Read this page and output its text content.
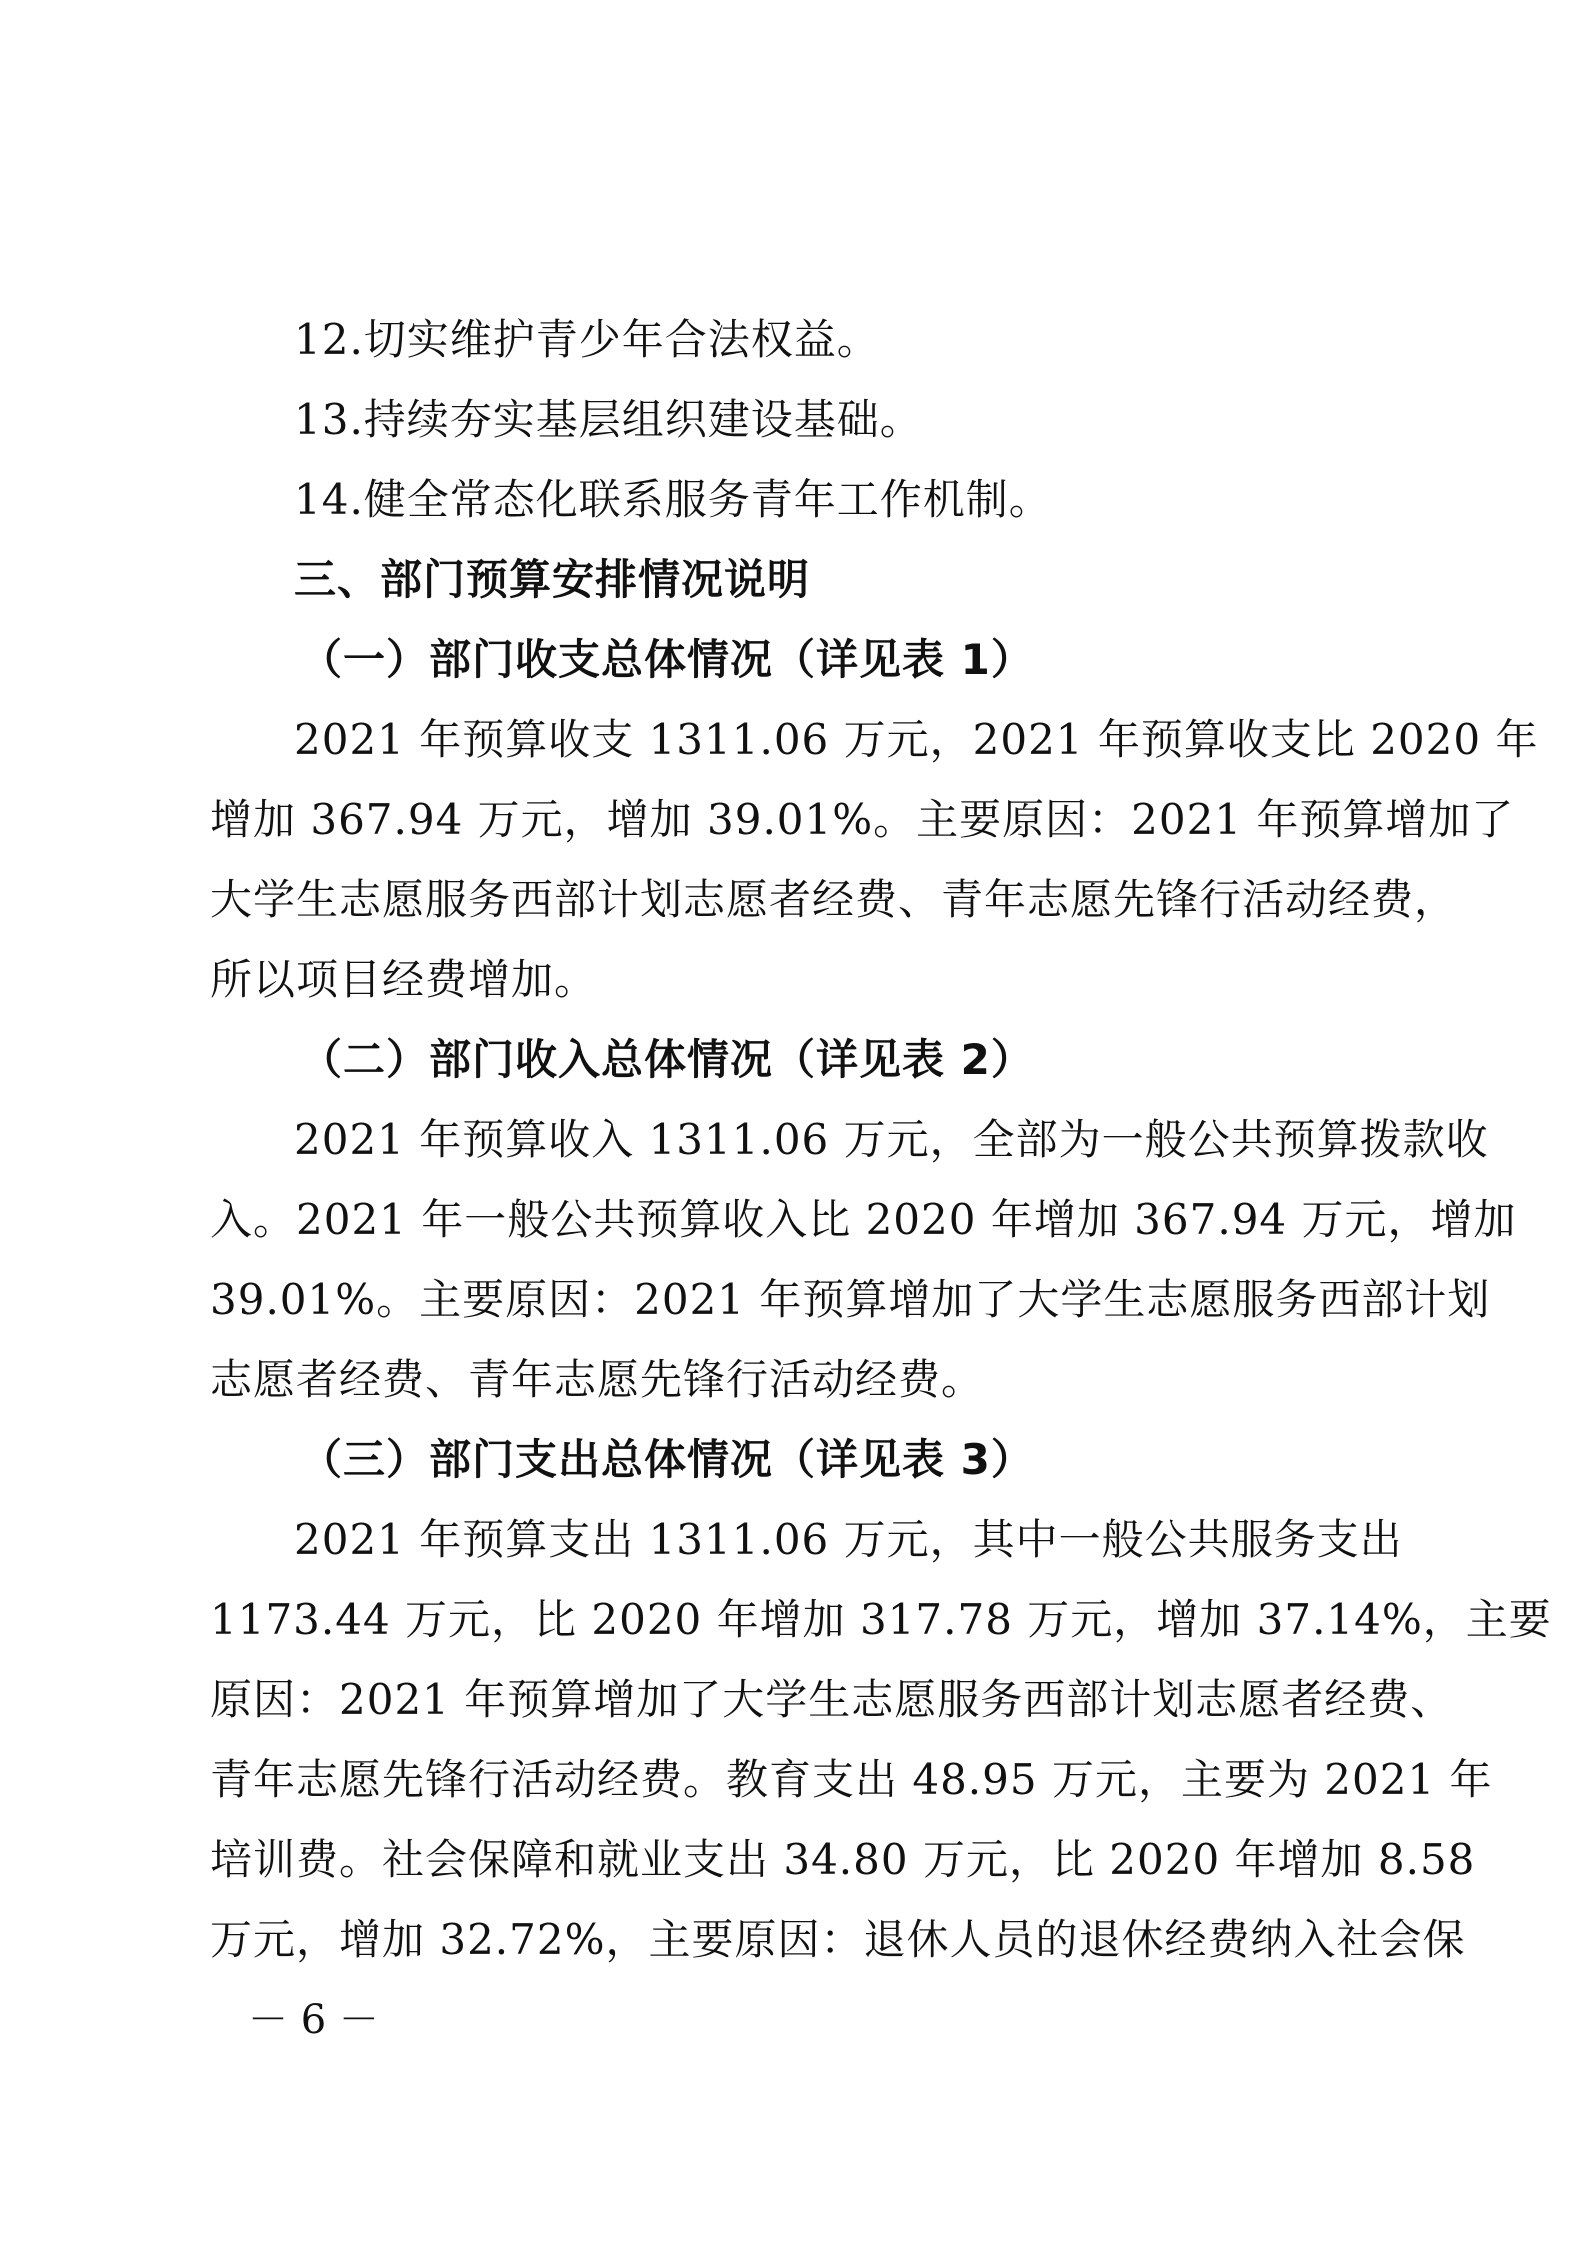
12.切实维护青少年合法权益。
13.持续夯实基层组织建设基础。
14.健全常态化联系服务青年工作机制。
三、部门预算安排情况说明
（一）部门收支总体情况（详见表 1）
2021 年预算收支 1311.06 万元，2021 年预算收支比 2020 年
增加 367.94 万元，增加 39.01%。主要原因：2021 年预算增加了
大学生志愿服务西部计划志愿者经费、青年志愿先锋行活动经费，
所以项目经费增加。
（二）部门收入总体情况（详见表 2）
2021 年预算收入 1311.06 万元，全部为一般公共预算拨款收
入。2021 年一般公共预算收入比 2020 年增加 367.94 万元，增加
39.01%。主要原因：2021 年预算增加了大学生志愿服务西部计划
志愿者经费、青年志愿先锋行活动经费。
（三）部门支出总体情况（详见表 3）
2021 年预算支出 1311.06 万元，其中一般公共服务支出
1173.44 万元，比 2020 年增加 317.78 万元，增加 37.14%，主要
原因：2021 年预算增加了大学生志愿服务西部计划志愿者经费、
青年志愿先锋行活动经费。教育支出 48.95 万元，主要为 2021 年
培训费。社会保障和就业支出 34.80 万元，比 2020 年增加 8.58
万元，增加 32.72%，主要原因：退休人员的退休经费纳入社会保
－ 6 －
